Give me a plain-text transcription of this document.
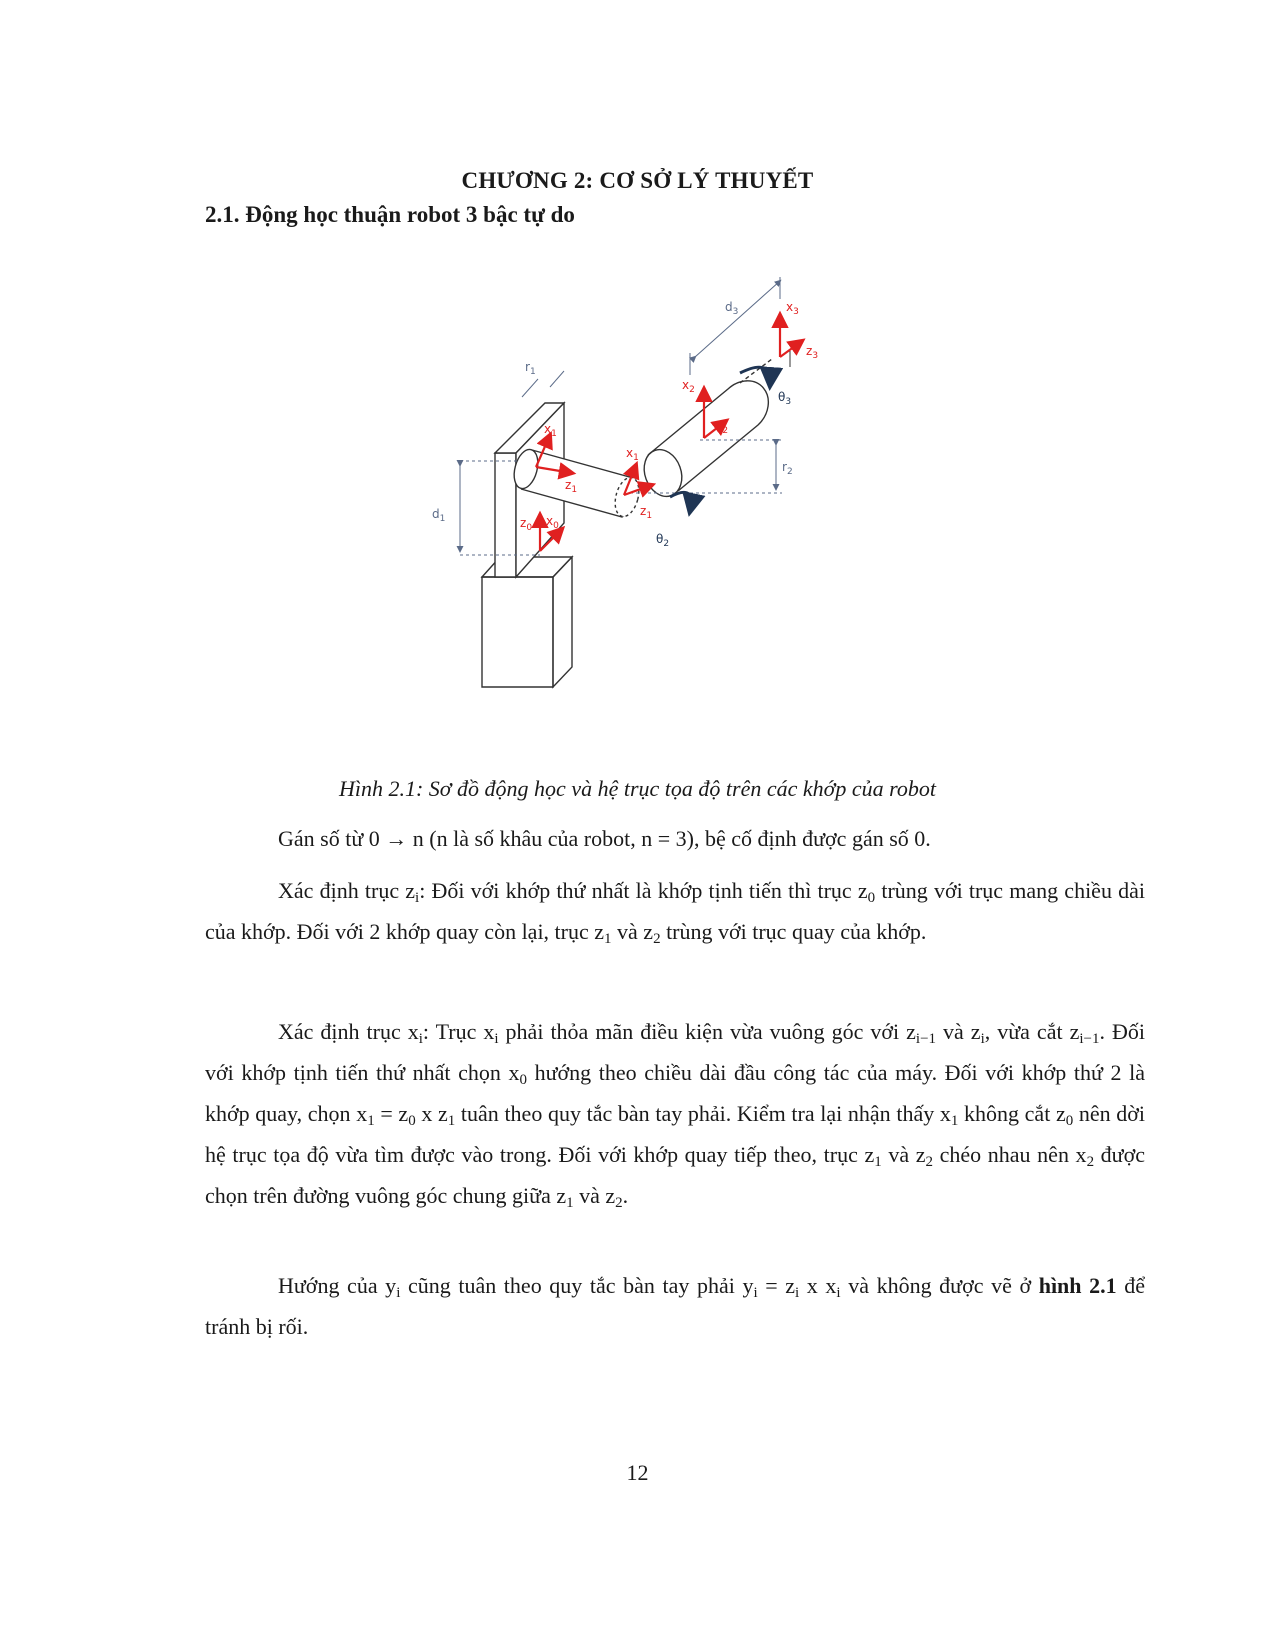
CHƯƠNG 2: CƠ SỞ LÝ THUYẾT
2.1. Động học thuận robot 3 bậc tự do
$r_1$
$d_1$
$d_3$
$r_2$
$x_0$
$z_0$
$x_1$
$z_1$
$x_1$
$z_1$
$x_2$
$z_2$
$x_3$
$z_3$
$\theta_2$
$\theta_3$
Hình 2.1: Sơ đồ động học và hệ trục tọa độ trên các khớp của robot
Gán số từ 0 → n (n là số khâu của robot, n = 3), bệ cố định được gán số 0.
Xác định trục $z_i$: Đối với khớp thứ nhất là khớp tịnh tiến thì trục $z_0$ trùng với trục mang chiều dài của khớp. Đối với 2 khớp quay còn lại, trục $z_1$ và $z_2$ trùng với trục quay của khớp.
Xác định trục $x_i$: Trục $x_i$ phải thỏa mãn điều kiện vừa vuông góc với $z_{i-1}$ và $z_i$, vừa cắt $z_{i-1}$. Đối với khớp tịnh tiến thứ nhất chọn $x_0$ hướng theo chiều dài đầu công tác của máy. Đối với khớp thứ 2 là khớp quay, chọn $x_1 = z_0$ x $z_1$ tuân theo quy tắc bàn tay phải. Kiểm tra lại nhận thấy $x_1$ không cắt $z_0$ nên dời hệ trục tọa độ vừa tìm được vào trong. Đối với khớp quay tiếp theo, trục $z_1$ và $z_2$ chéo nhau nên $x_2$ được chọn trên đường vuông góc chung giữa $z_1$ và $z_2$.
Hướng của $y_i$ cũng tuân theo quy tắc bàn tay phải $y_i = z_i$ x $x_i$ và không được vẽ ở hình 2.1 để tránh bị rối.
12
